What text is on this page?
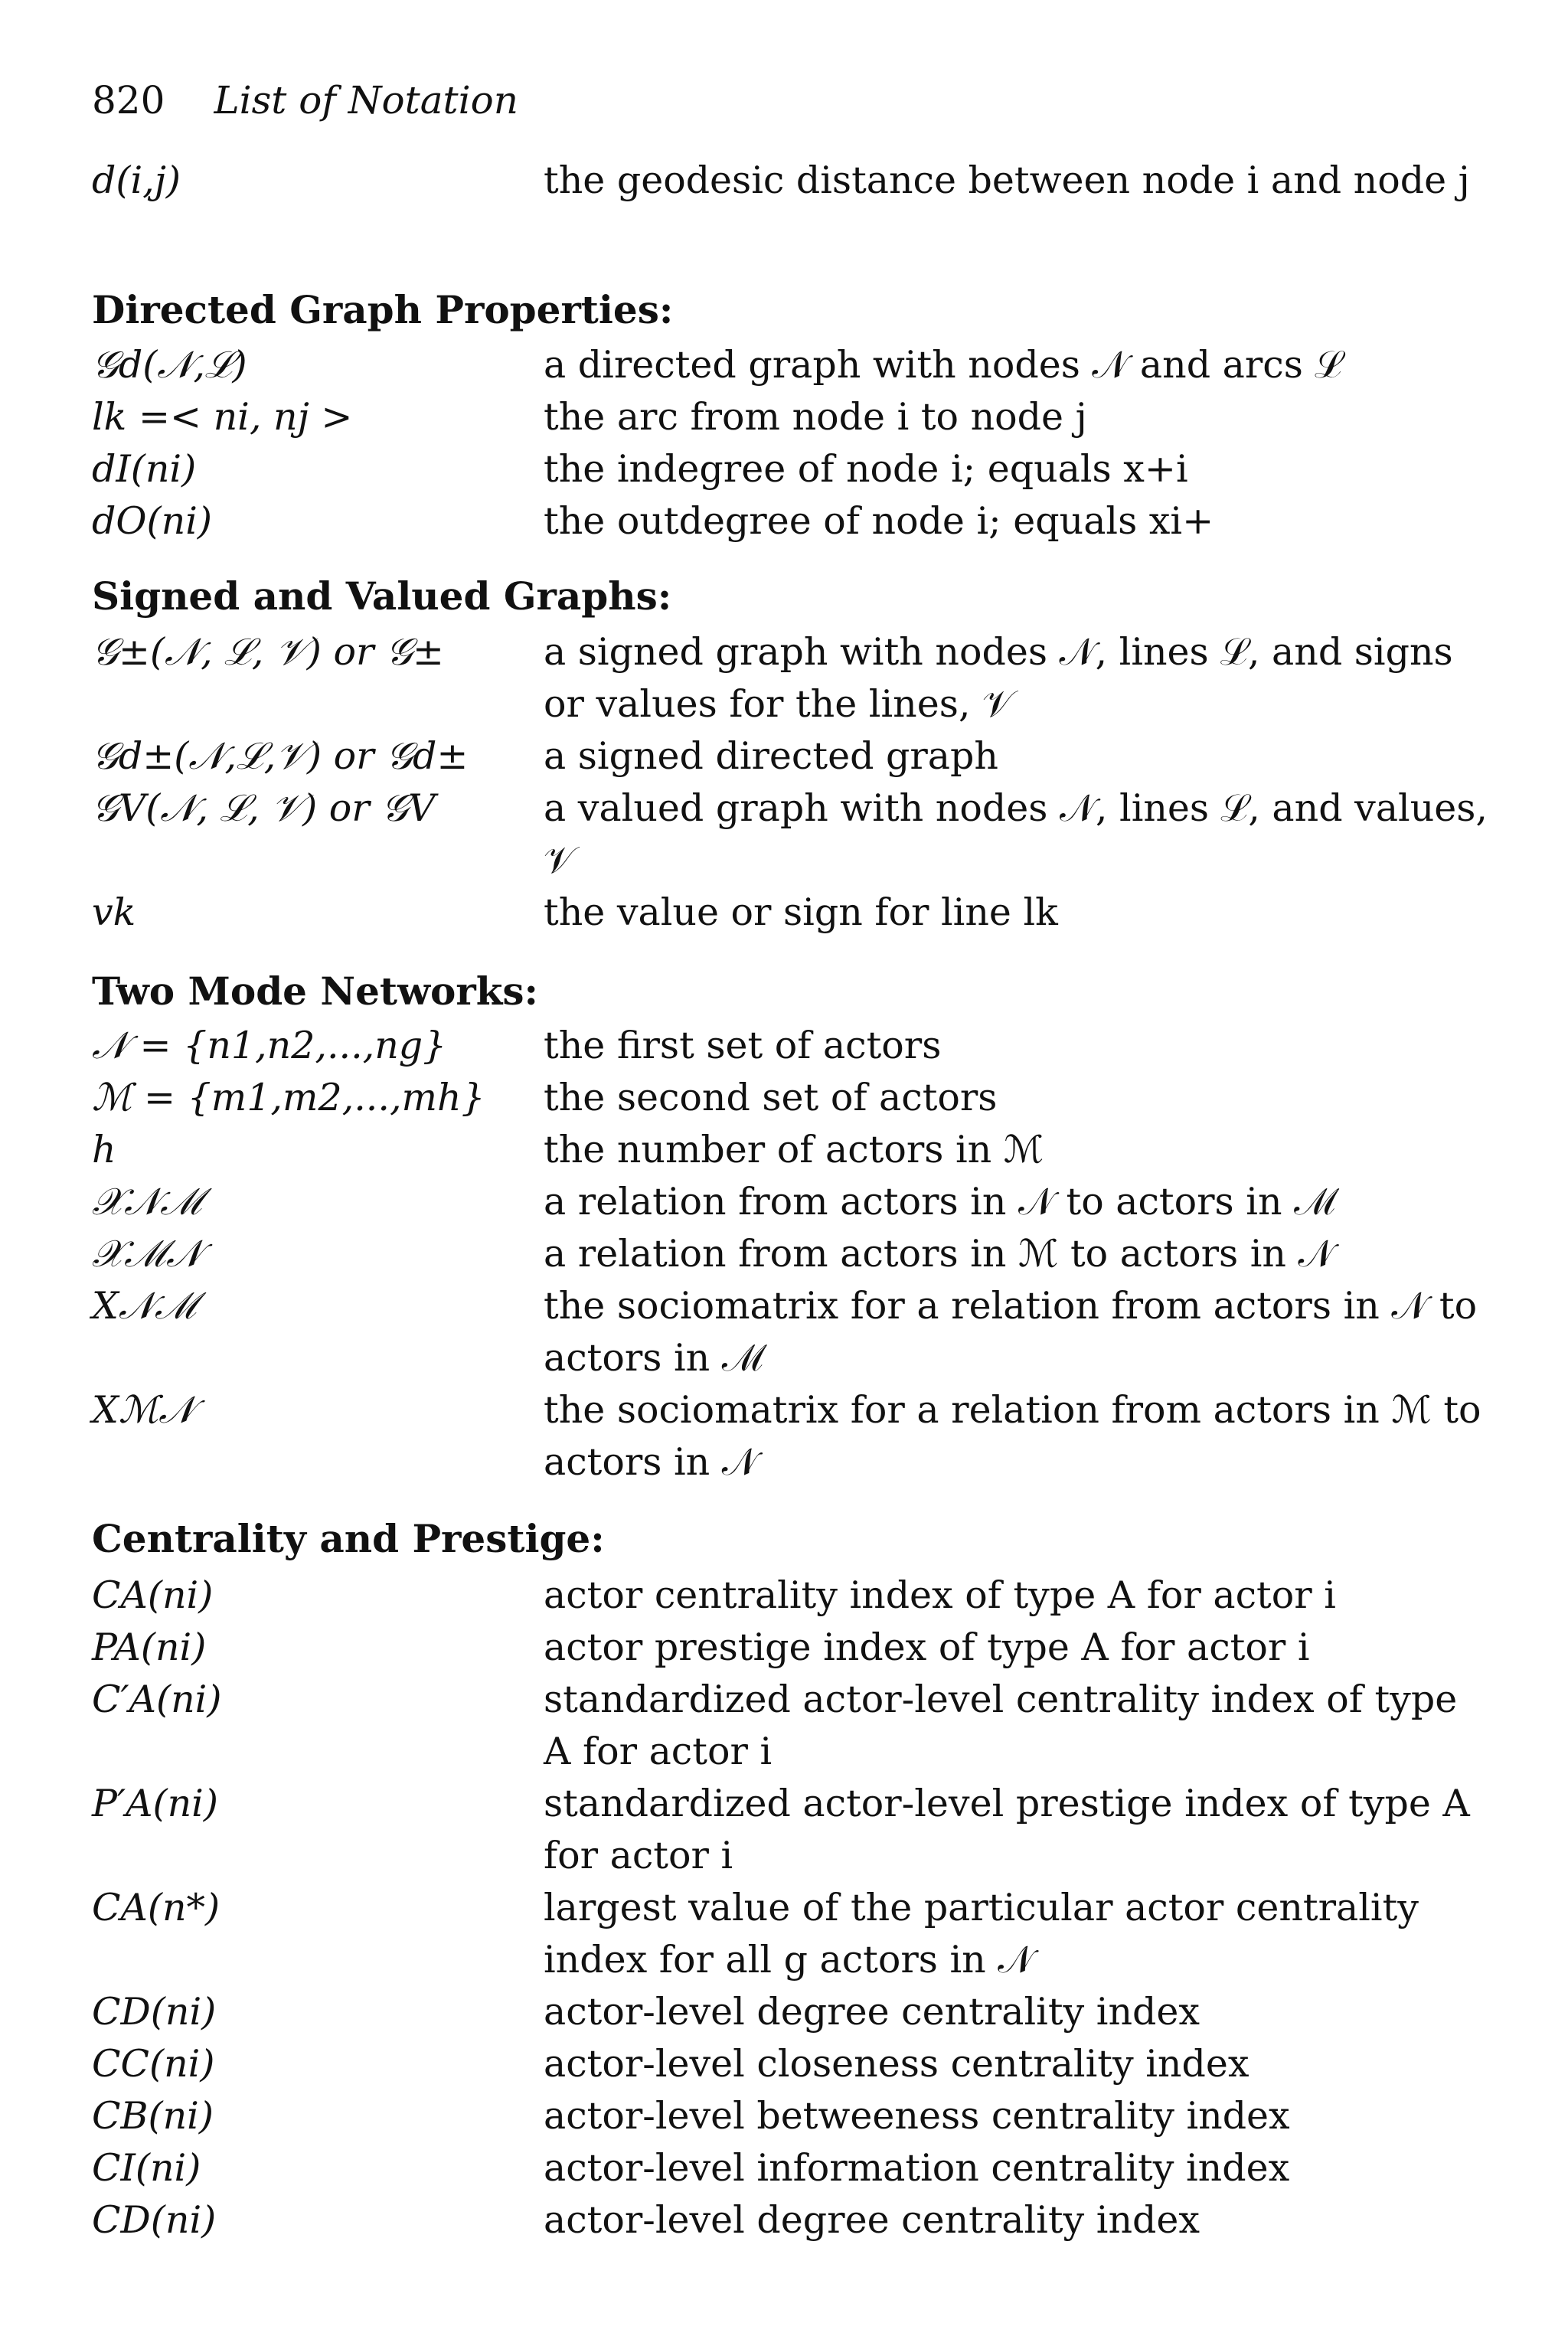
820 List of Notation
d(i,j)	the geodesic distance between node i and node j
Directed Graph Properties:
𝒢d(𝒩,ℒ)	a directed graph with nodes 𝒩 and arcs ℒ
lk =< ni, nj >	the arc from node i to node j
dI(ni)	the indegree of node i; equals x+i
dO(ni)	the outdegree of node i; equals xi+
Signed and Valued Graphs:
𝒢±(𝒩, ℒ, 𝒱) or 𝒢±	a signed graph with nodes 𝒩, lines ℒ, and signs or values for the lines, 𝒱
𝒢d±(𝒩,ℒ,𝒱) or 𝒢d±	a signed directed graph
𝒢V(𝒩, ℒ, 𝒱) or 𝒢V	a valued graph with nodes 𝒩, lines ℒ, and values, 𝒱
vk	the value or sign for line lk
Two Mode Networks:
𝒩 = {n1,n2,...,ng}	the first set of actors
ℳ = {m1,m2,...,mh}	the second set of actors
h	the number of actors in ℳ
𝒳𝒩ℳ	a relation from actors in 𝒩 to actors in ℳ
𝒳ℳ𝒩	a relation from actors in ℳ to actors in 𝒩
X𝒩ℳ	the sociomatrix for a relation from actors in 𝒩 to actors in ℳ
Xℳ𝒩	the sociomatrix for a relation from actors in ℳ to actors in 𝒩
Centrality and Prestige:
CA(ni)	actor centrality index of type A for actor i
PA(ni)	actor prestige index of type A for actor i
C′A(ni)	standardized actor-level centrality index of type A for actor i
P′A(ni)	standardized actor-level prestige index of type A for actor i
CA(n*)	largest value of the particular actor centrality index for all g actors in 𝒩
CD(ni)	actor-level degree centrality index
CC(ni)	actor-level closeness centrality index
CB(ni)	actor-level betweeness centrality index
CI(ni)	actor-level information centrality index
CD(ni)	actor-level degree centrality index
